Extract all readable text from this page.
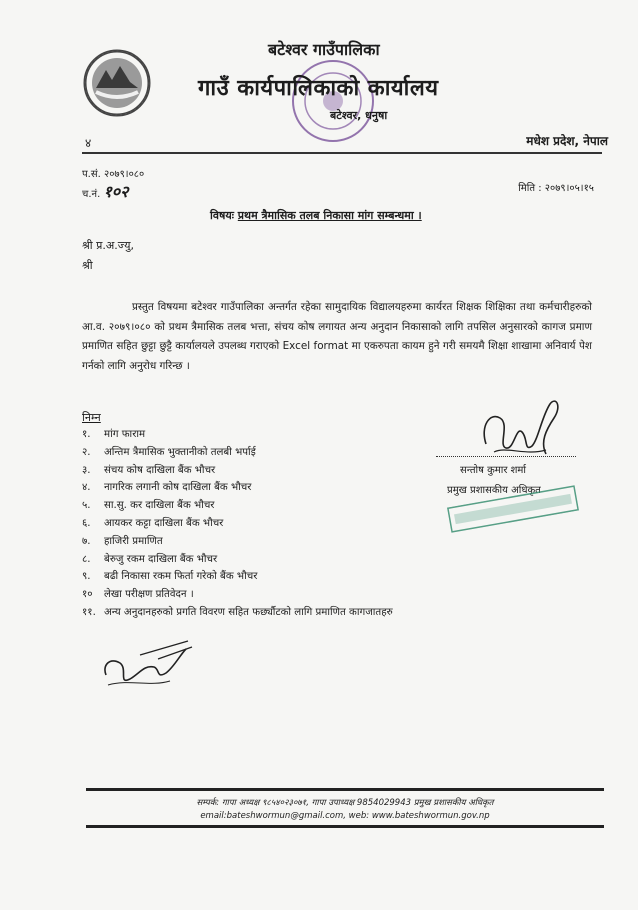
बटेश्वर गाउँपालिका
गाउँ कार्यपालिकाको कार्यालय
बटेश्वर, धनुषा
मधेश प्रदेश, नेपाल
४
प.सं. २०७९।०८०
च.नं. १०२	मिति : २०७९।०५।१५
विषयः प्रथम त्रैमासिक तलब निकासा मांग सम्बन्धमा ।
श्री प्र.अ.ज्यु,
श्री

प्रस्तुत विषयमा बटेश्वर गाउँपालिका अन्तर्गत रहेका सामुदायिक विद्यालयहरुमा कार्यरत शिक्षक शिक्षिका तथा कर्मचारीहरुको आ.व. २०७९।०८० को प्रथम त्रैमासिक तलब भत्ता, संचय कोष लगायत अन्य अनुदान निकासाको लागि तपसिल अनुसारको कागज प्रमाण प्रमाणित सहित छुट्टा छुट्टै कार्यालयले उपलब्ध गराएको Excel format मा एकरुपता कायम हुने गरी समयमै शिक्षा शाखामा अनिवार्य पेश गर्नको लागि अनुरोध गरिन्छ ।

निम्न
१. मांग फाराम
२. अन्तिम त्रैमासिक भुक्तानीको तलबी भर्पाई
३. संचय कोष दाखिला बैंक भौचर
४. नागरिक लगानी कोष दाखिला बैंक भौचर
५. सा.सु. कर दाखिला बैंक भौचर
६. आयकर कट्टा दाखिला बैंक भौचर
७. हाजिरी प्रमाणित
८. बेरुजु रकम दाखिला बैंक भौचर
९. बढी निकासा रकम फिर्ता गरेको बैंक भौचर
१० लेखा परीक्षण प्रतिवेदन ।
११. अन्य अनुदानहरुको प्रगति विवरण सहित फर्छ्यौटको लागि प्रमाणित कागजातहरु
सन्तोष कुमार शर्मा
प्रमुख प्रशासकीय अधिकृत
सम्पर्क: गापा अध्यक्ष ९८५४०२३०७१, गापा उपाध्यक्ष 9854029943 प्रमुख प्रशासकीय अधिकृत
email:bateshwormun@gmail.com, web: www.bateshwormun.gov.np
